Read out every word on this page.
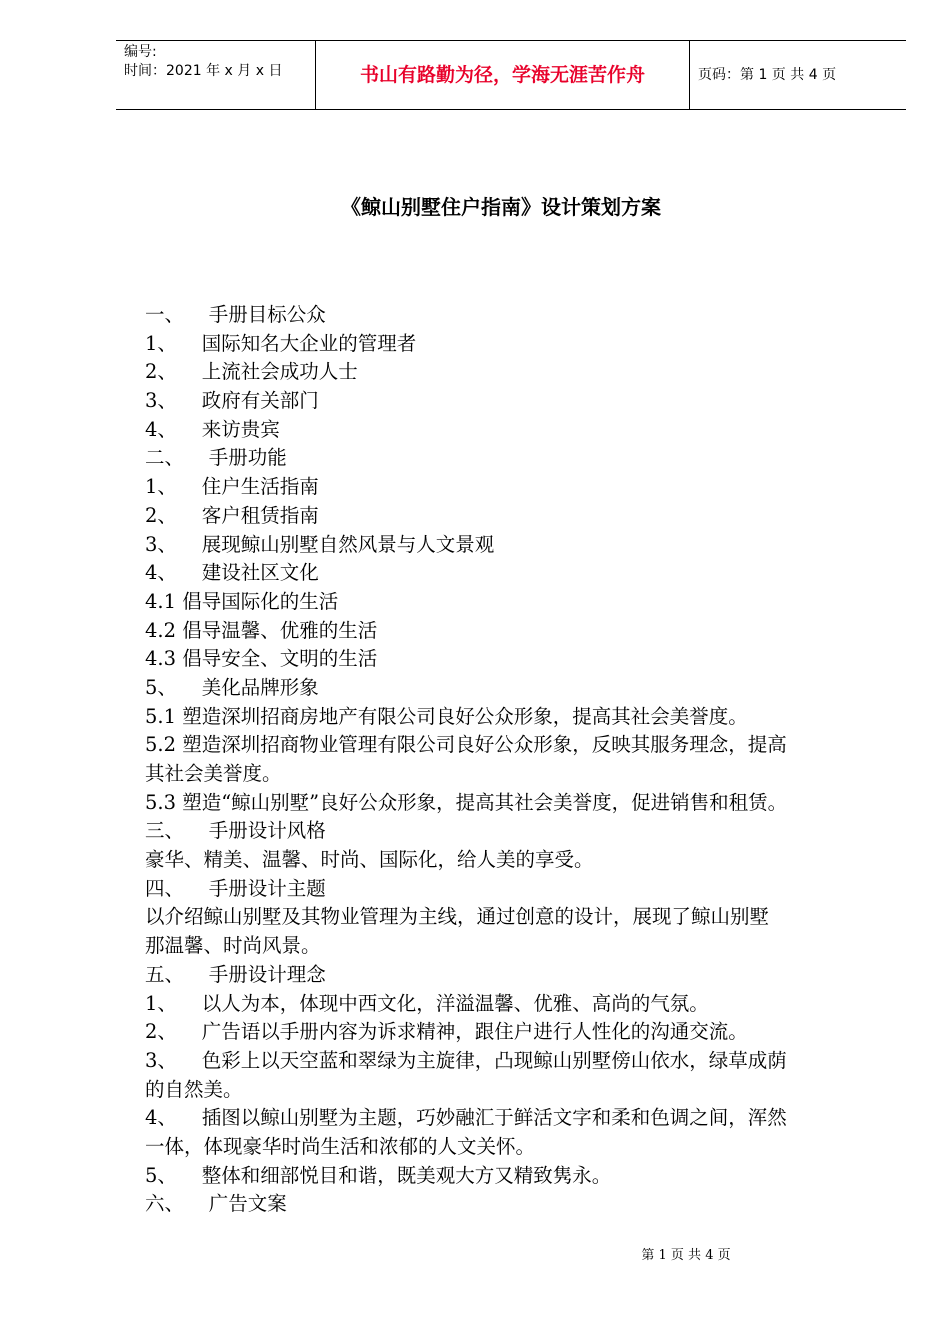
编号:
时间：2021 年 x 月 x 日	书山有路勤为径，学海无涯苦作舟	页码：第 1 页 共 4 页
《鲸山别墅住户指南》设计策划方案
一、    手册目标公众
1、    国际知名大企业的管理者
2、    上流社会成功人士
3、    政府有关部门
4、    来访贵宾
二、    手册功能
1、    住户生活指南
2、    客户租赁指南
3、    展现鲸山别墅自然风景与人文景观
4、    建设社区文化
4.1 倡导国际化的生活
4.2 倡导温馨、优雅的生活
4.3 倡导安全、文明的生活
5、    美化品牌形象
5.1 塑造深圳招商房地产有限公司良好公众形象，提高其社会美誉度。
5.2 塑造深圳招商物业管理有限公司良好公众形象，反映其服务理念，提高
其社会美誉度。
5.3 塑造“鲸山别墅”良好公众形象，提高其社会美誉度，促进销售和租赁。
三、    手册设计风格
豪华、精美、温馨、时尚、国际化，给人美的享受。
四、    手册设计主题
以介绍鲸山别墅及其物业管理为主线，通过创意的设计，展现了鲸山别墅
那温馨、时尚风景。
五、    手册设计理念
1、    以人为本，体现中西文化，洋溢温馨、优雅、高尚的气氛。
2、    广告语以手册内容为诉求精神，跟住户进行人性化的沟通交流。
3、    色彩上以天空蓝和翠绿为主旋律，凸现鲸山别墅傍山依水，绿草成荫
的自然美。
4、    插图以鲸山别墅为主题，巧妙融汇于鲜活文字和柔和色调之间，浑然
一体，体现豪华时尚生活和浓郁的人文关怀。
5、    整体和细部悦目和谐，既美观大方又精致隽永。
六、    广告文案
第 1 页 共 4 页
